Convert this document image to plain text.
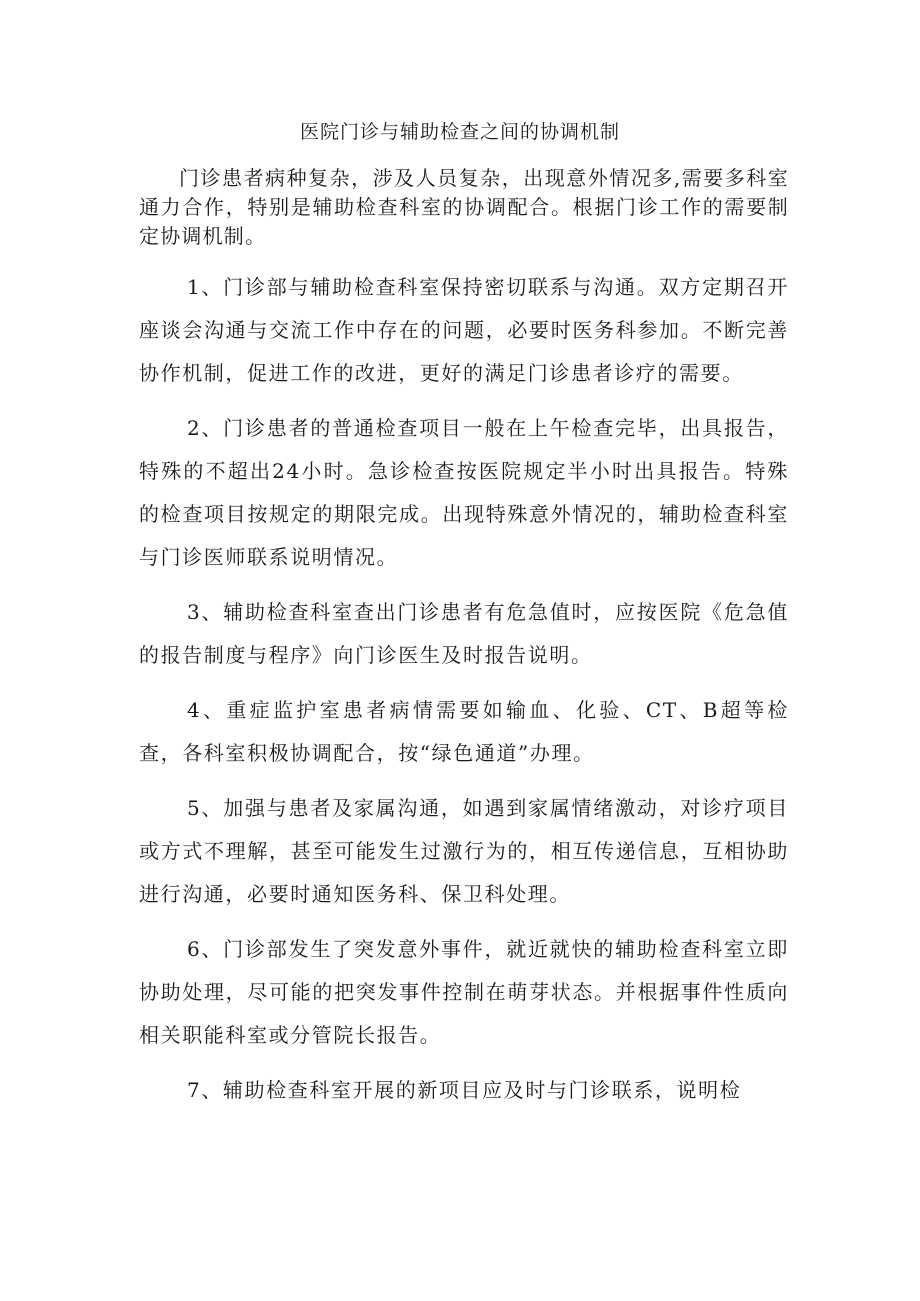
医院门诊与辅助检查之间的协调机制

门诊患者病种复杂，涉及人员复杂，出现意外情况多,需要多科室通力合作，特别是辅助检查科室的协调配合。根据门诊工作的需要制定协调机制。

1、门诊部与辅助检查科室保持密切联系与沟通。双方定期召开座谈会沟通与交流工作中存在的问题，必要时医务科参加。不断完善协作机制，促进工作的改进，更好的满足门诊患者诊疗的需要。

2、门诊患者的普通检查项目一般在上午检查完毕，出具报告，特殊的不超出24小时。急诊检查按医院规定半小时出具报告。特殊的检查项目按规定的期限完成。出现特殊意外情况的，辅助检查科室与门诊医师联系说明情况。

3、辅助检查科室查出门诊患者有危急值时，应按医院《危急值的报告制度与程序》向门诊医生及时报告说明。

4、重症监护室患者病情需要如输血、化验、CT、B超等检查，各科室积极协调配合，按“绿色通道”办理。

5、加强与患者及家属沟通，如遇到家属情绪激动，对诊疗项目或方式不理解，甚至可能发生过激行为的，相互传递信息，互相协助进行沟通，必要时通知医务科、保卫科处理。

6、门诊部发生了突发意外事件，就近就快的辅助检查科室立即协助处理，尽可能的把突发事件控制在萌芽状态。并根据事件性质向相关职能科室或分管院长报告。

7、辅助检查科室开展的新项目应及时与门诊联系，说明检
